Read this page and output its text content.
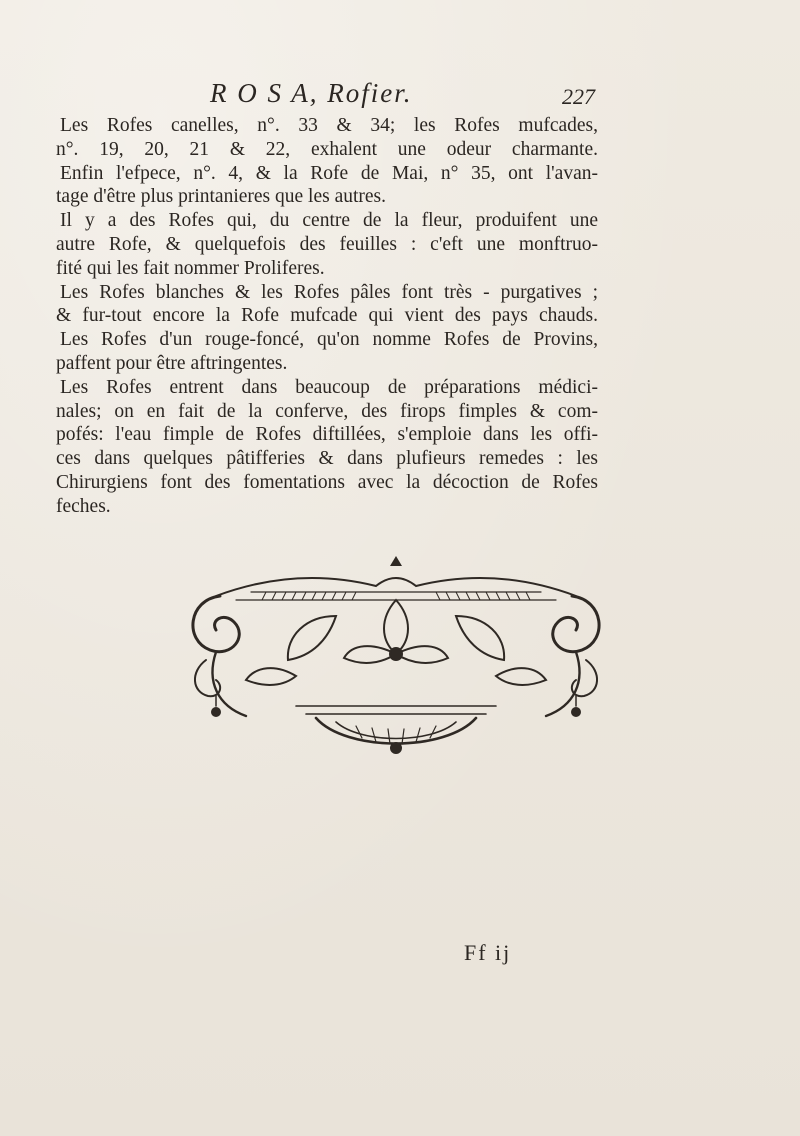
R O S A, Rofier.	227
Les Rofes canelles, n°. 33 & 34; les Rofes mufcades,
n°. 19, 20, 21 & 22, exhalent une odeur charmante.
Enfin l'efpece, n°. 4, & la Rofe de Mai, n° 35, ont l'avan-
tage d'être plus printanieres que les autres.
Il y a des Rofes qui, du centre de la fleur, produifent une
autre Rofe, & quelquefois des feuilles : c'eft une monftruo-
fité qui les fait nommer Proliferes.
Les Rofes blanches & les Rofes pâles font très - purgatives ;
& fur-tout encore la Rofe mufcade qui vient des pays chauds.
Les Rofes d'un rouge-foncé, qu'on nomme Rofes de Provins,
paffent pour être aftringentes.
Les Rofes entrent dans beaucoup de préparations médici-
nales; on en fait de la conferve, des firops fimples & com-
pofés: l'eau fimple de Rofes diftillées, s'emploie dans les offi-
ces dans quelques pâtifferies & dans plufieurs remedes : les
Chirurgiens font des fomentations avec la décoction de Rofes
feches.
Ff ij
